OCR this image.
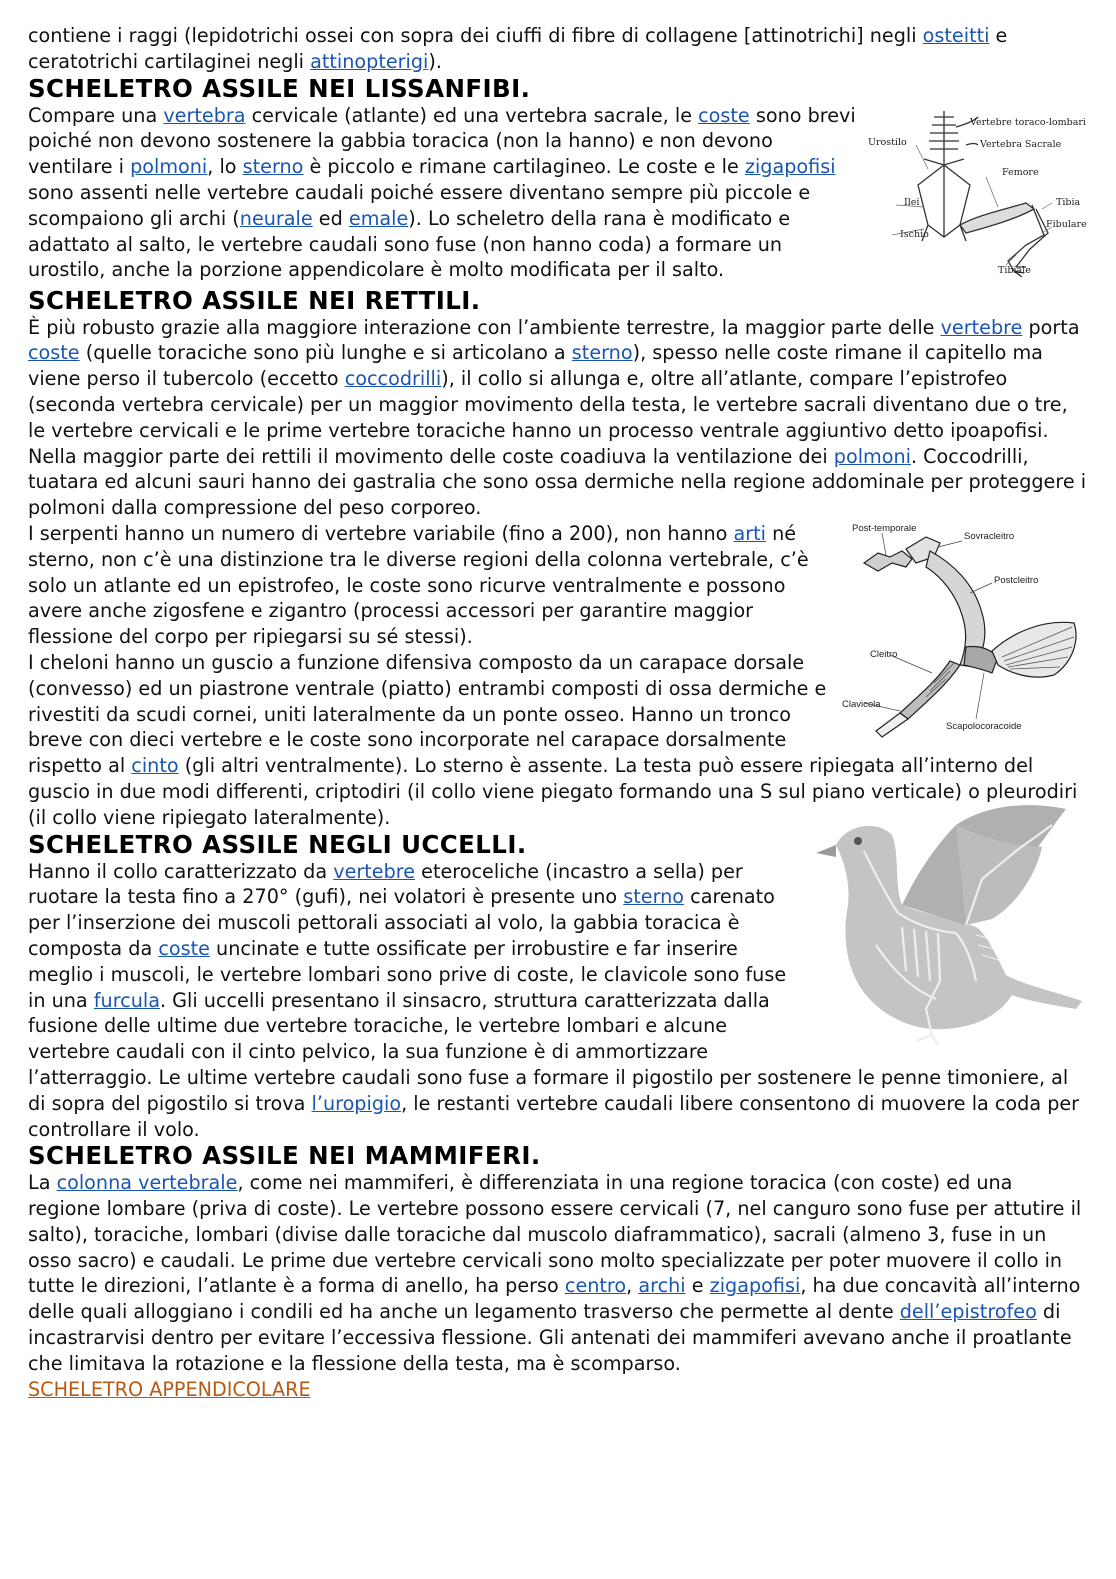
contiene i raggi (lepidotrichi ossei con sopra dei ciuffi di fibre di collagene [attinotrichi] negli osteitti e ceratotrichi cartilaginei negli attinopterigi).

SCHELETRO ASSILE NEI LISSANFIBI.
Vertebre toraco-lombari
Vertebra Sacrale
Urostilo
Femore
Ilei	Tibia
Fibulare
Ischio
Tibiale

Compare una vertebra cervicale (atlante) ed una vertebra sacrale, le coste sono brevi poiché non devono sostenere la gabbia toracica (non la hanno) e non devono ventilare i polmoni, lo sterno è piccolo e rimane cartilagineo. Le coste e le zigapofisi sono assenti nelle vertebre caudali poiché essere diventano sempre più piccole e scompaiono gli archi (neurale ed emale). Lo scheletro della rana è modificato e adattato al salto, le vertebre caudali sono fuse (non hanno coda) a formare un urostilo, anche la porzione appendicolare è molto modificata per il salto.

SCHELETRO ASSILE NEI RETTILI.

È più robusto grazie alla maggiore interazione con l’ambiente terrestre, la maggior parte delle vertebre porta coste (quelle toraciche sono più lunghe e si articolano a sterno), spesso nelle coste rimane il capitello ma viene perso il tubercolo (eccetto coccodrilli), il collo si allunga e, oltre all’atlante, compare l’epistrofeo (seconda vertebra cervicale) per un maggior movimento della testa, le vertebre sacrali diventano due o tre, le vertebre cervicali e le prime vertebre toraciche hanno un processo ventrale aggiuntivo detto ipoapofisi. Nella maggior parte dei rettili il movimento delle coste coadiuva la ventilazione dei polmoni. Coccodrilli, tuatara ed alcuni sauri hanno dei gastralia che sono ossa dermiche nella regione addominale per proteggere i polmoni dalla compressione del peso corporeo.

Post-temporale
Sovracleitro
Postcleitro
Cleitro
Clavicola
Scapolocoracoide

I serpenti hanno un numero di vertebre variabile (fino a 200), non hanno arti né sterno, non c’è una distinzione tra le diverse regioni della colonna vertebrale, c’è solo un atlante ed un epistrofeo, le coste sono ricurve ventralmente e possono avere anche zigosfene e zigantro (processi accessori per garantire maggior flessione del corpo per ripiegarsi su sé stessi).

I cheloni hanno un guscio a funzione difensiva composto da un carapace dorsale (convesso) ed un piastrone ventrale (piatto) entrambi composti di ossa dermiche e rivestiti da scudi cornei, uniti lateralmente da un ponte osseo. Hanno un tronco breve con dieci vertebre e le coste sono incorporate nel carapace dorsalmente rispetto al cinto (gli altri ventralmente). Lo sterno è assente. La testa può essere ripiegata all’interno del guscio in due modi differenti, criptodiri (il collo viene piegato formando una S sul piano verticale) o pleurodiri (il collo viene ripiegato lateralmente).

SCHELETRO ASSILE NEGLI UCCELLI.

Hanno il collo caratterizzato da vertebre eteroceliche (incastro a sella) per ruotare la testa fino a 270° (gufi), nei volatori è presente uno sterno carenato per l’inserzione dei muscoli pettorali associati al volo, la gabbia toracica è composta da coste uncinate e tutte ossificate per irrobustire e far inserire meglio i muscoli, le vertebre lombari sono prive di coste, le clavicole sono fuse in una furcula. Gli uccelli presentano il sinsacro, struttura caratterizzata dalla fusione delle ultime due vertebre toraciche, le vertebre lombari e alcune vertebre caudali con il cinto pelvico, la sua funzione è di ammortizzare l’atterraggio. Le ultime vertebre caudali sono fuse a formare il pigostilo per sostenere le penne timoniere, al di sopra del pigostilo si trova l’uropigio, le restanti vertebre caudali libere consentono di muovere la coda per controllare il volo.

SCHELETRO ASSILE NEI MAMMIFERI.

La colonna vertebrale, come nei mammiferi, è differenziata in una regione toracica (con coste) ed una regione lombare (priva di coste). Le vertebre possono essere cervicali (7, nel canguro sono fuse per attutire il salto), toraciche, lombari (divise dalle toraciche dal muscolo diaframmatico), sacrali (almeno 3, fuse in un osso sacro) e caudali. Le prime due vertebre cervicali sono molto specializzate per poter muovere il collo in tutte le direzioni, l’atlante è a forma di anello, ha perso centro, archi e zigapofisi, ha due concavità all’interno delle quali alloggiano i condili ed ha anche un legamento trasverso che permette al dente dell’epistrofeo di incastrarvisi dentro per evitare l’eccessiva flessione. Gli antenati dei mammiferi avevano anche il proatlante che limitava la rotazione e la flessione della testa, ma è scomparso.

SCHELETRO APPENDICOLARE
